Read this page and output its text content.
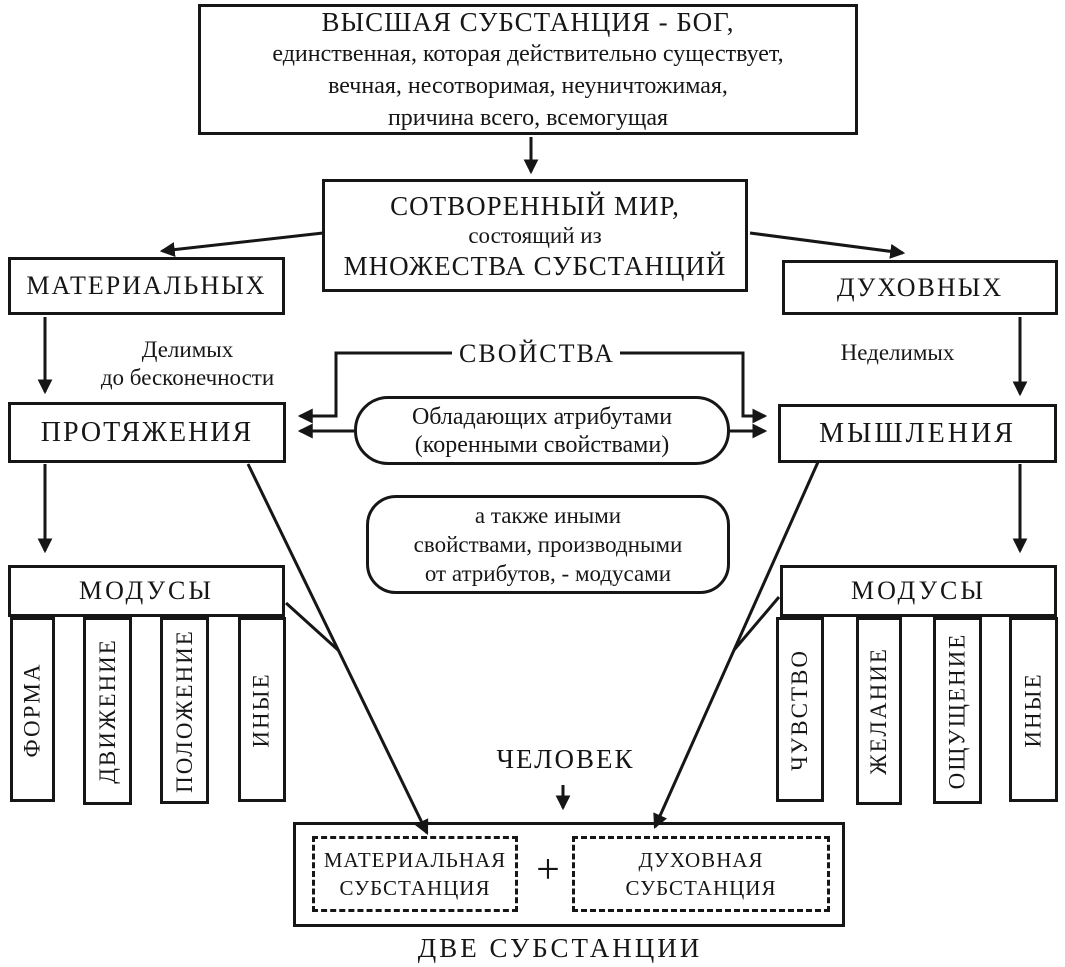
ВЫСШАЯ СУБСТАНЦИЯ - БОГ,
единственная, которая действительно существует,
вечная, несотворимая, неуничтожимая,
причина всего, всемогущая
СОТВОРЕННЫЙ МИР,
состоящий из
МНОЖЕСТВА СУБСТАНЦИЙ
МАТЕРИАЛЬНЫХ	ДУХОВНЫХ
Делимых
до бесконечности
Неделимых
СВОЙСТВА
Обладающих атрибутами
(коренными свойствами)
ПРОТЯЖЕНИЯ	МЫШЛЕНИЯ
а также иными
свойствами, производными
от атрибутов, - модусами
МОДУСЫ
ФОРМА ДВИЖЕНИЕ ПОЛОЖЕНИЕ ИНЫЕ
МОДУСЫ
ЧУВСТВО ЖЕЛАНИЕ ОЩУЩЕНИЕ ИНЫЕ
ЧЕЛОВЕК
МАТЕРИАЛЬНАЯ
СУБСТАНЦИЯ +	ДУХОВНАЯ
СУБСТАНЦИЯ
ДВЕ СУБСТАНЦИИ
